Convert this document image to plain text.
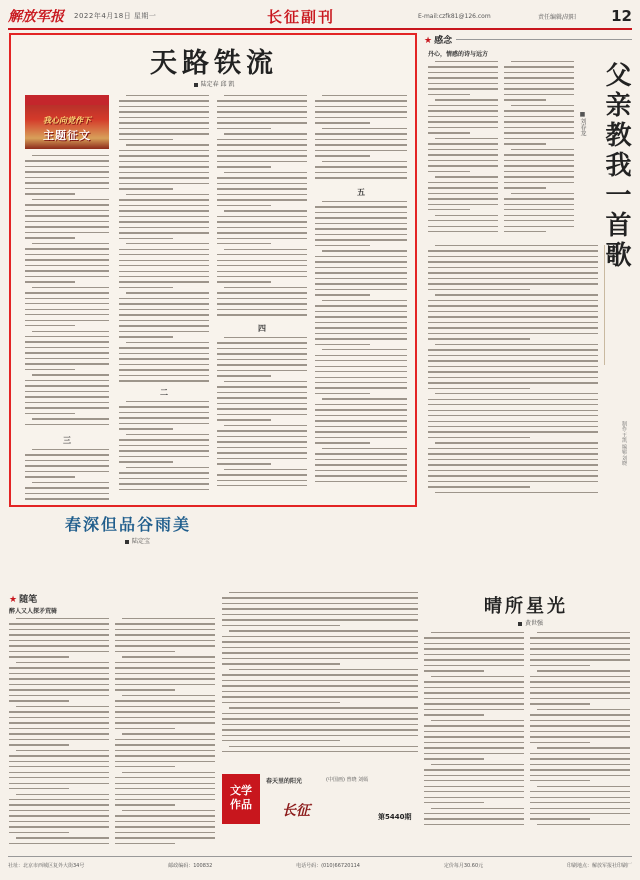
解放军报	2022年4月18日 星期一	长征副刊	E-mail:czfk81@126.com	责任编辑/胡阳	12
天路铁流
陆定春 邱 凯
我心向党作下
主题征文
二
四
五
三
★ 感念
丹心，情感的诗与远方
父亲教我一首歌
■刘春龙
制作·王凯 编辑·刘晓
春深但品谷雨美
陆定宝
★ 随笔
醉人又人探矛荒骑	晴所星光
黄世强
文学
作品
春天里的阳光	(中国画) 曾晓 刘嫣
长征	第5440期
社址：北京市西城区复外大街34号	邮政编码：100832	电话号码：(010)66720114	定价每月30.60元	印刷地点：解放军报社印刷厂
